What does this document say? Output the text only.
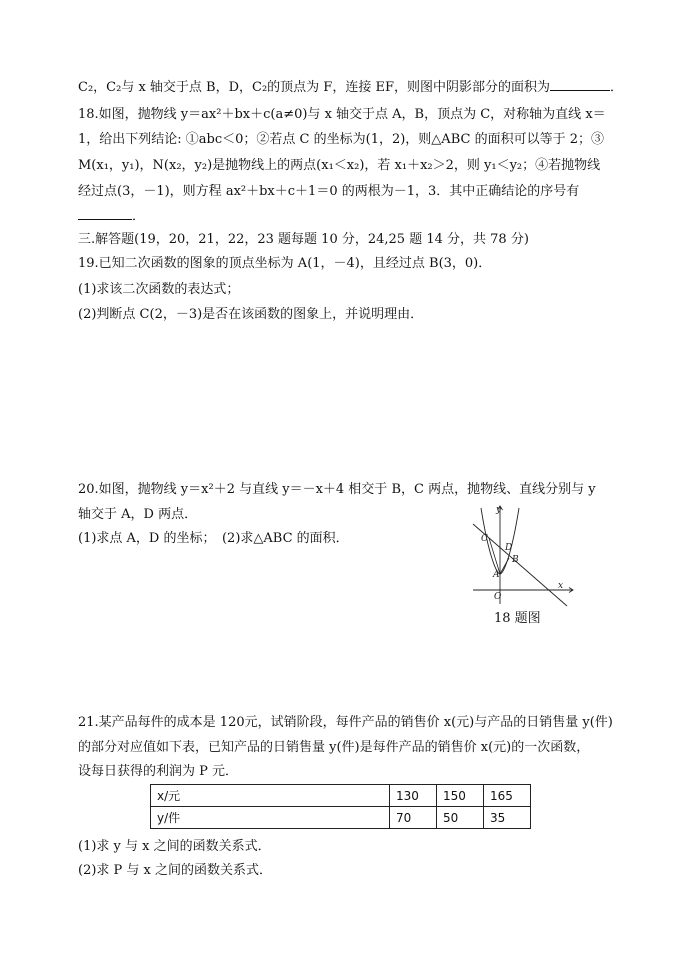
C₂，C₂与 x 轴交于点 B，D，C₂的顶点为 F，连接 EF，则图中阴影部分的面积为	．
18.如图，抛物线 y＝ax²＋bx＋c(a≠0)与 x 轴交于点 A，B，顶点为 C，对称轴为直线 x＝
1，给出下列结论: ①abc＜0；②若点 C 的坐标为(1，2)，则△ABC 的面积可以等于 2；③
M(x₁，y₁)，N(x₂，y₂)是抛物线上的两点(x₁＜x₂)，若 x₁＋x₂＞2，则 y₁＜y₂；④若抛物线
经过点(3，－1)，则方程 ax²＋bx＋c＋1＝0 的两根为－1，3．其中正确结论的序号有
．
三.解答题(19，20，21，22，23 题每题 10 分，24,25 题 14 分，共 78 分)
19.已知二次函数的图象的顶点坐标为 A(1，－4)，且经过点 B(3，0)．
(1)求该二次函数的表达式；
(2)判断点 C(2，－3)是否在该函数的图象上，并说明理由．
20.如图，抛物线 y＝x²＋2 与直线 y＝－x＋4 相交于 B，C 两点，抛物线、直线分别与 y
轴交于 A，D 两点．
(1)求点 A，D 的坐标；　(2)求△ABC 的面积．
y
x
O
A
B
C
D
18 题图
21.某产品每件的成本是 120元，试销阶段，每件产品的销售价 x(元)与产品的日销售量 y(件)
的部分对应值如下表，已知产品的日销售量 y(件)是每件产品的销售价 x(元)的一次函数，
设每日获得的利润为 P 元．
x/元	130	150	165
y/件	70	50	35
(1)求 y 与 x 之间的函数关系式．
(2)求 P 与 x 之间的函数关系式．
